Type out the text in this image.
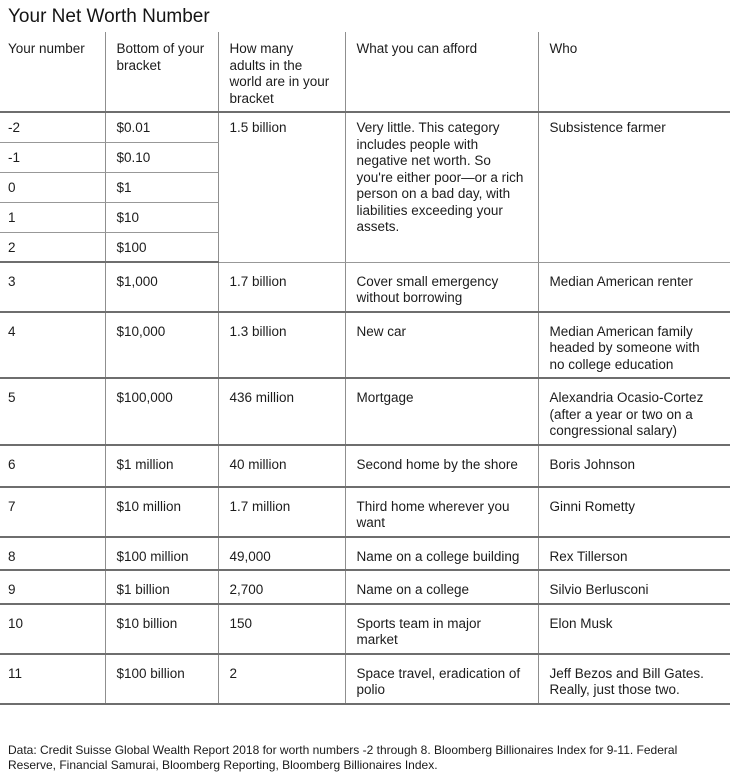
Your Net Worth Number
Your number	Bottom of your bracket	How many adults in the world are in your bracket	What you can afford	Who
-2	$0.01	1.5 billion	Very little. This category includes people with negative net worth. So you're either poor—or a rich person on a bad day, with liabilities exceeding your assets.	Subsistence farmer
-1	$0.10			
0	$1			
1	$10			
2	$100			
3	$1,000	1.7 billion	Cover small emergency without borrowing	Median American renter
4	$10,000	1.3 billion	New car	Median American family headed by someone with no college education
5	$100,000	436 million	Mortgage	Alexandria Ocasio-Cortez (after a year or two on a congressional salary)
6	$1 million	40 million	Second home by the shore	Boris Johnson
7	$10 million	1.7 million	Third home wherever you want	Ginni Rometty
8	$100 million	49,000	Name on a college building	Rex Tillerson
9	$1 billion	2,700	Name on a college	Silvio Berlusconi
10	$10 billion	150	Sports team in major market	Elon Musk
11	$100 billion	2	Space travel, eradication of polio	Jeff Bezos and Bill Gates. Really, just those two.

Data: Credit Suisse Global Wealth Report 2018 for worth numbers -2 through 8. Bloomberg Billionaires Index for 9-11. Federal Reserve, Financial Samurai, Bloomberg Reporting, Bloomberg Billionaires Index.
